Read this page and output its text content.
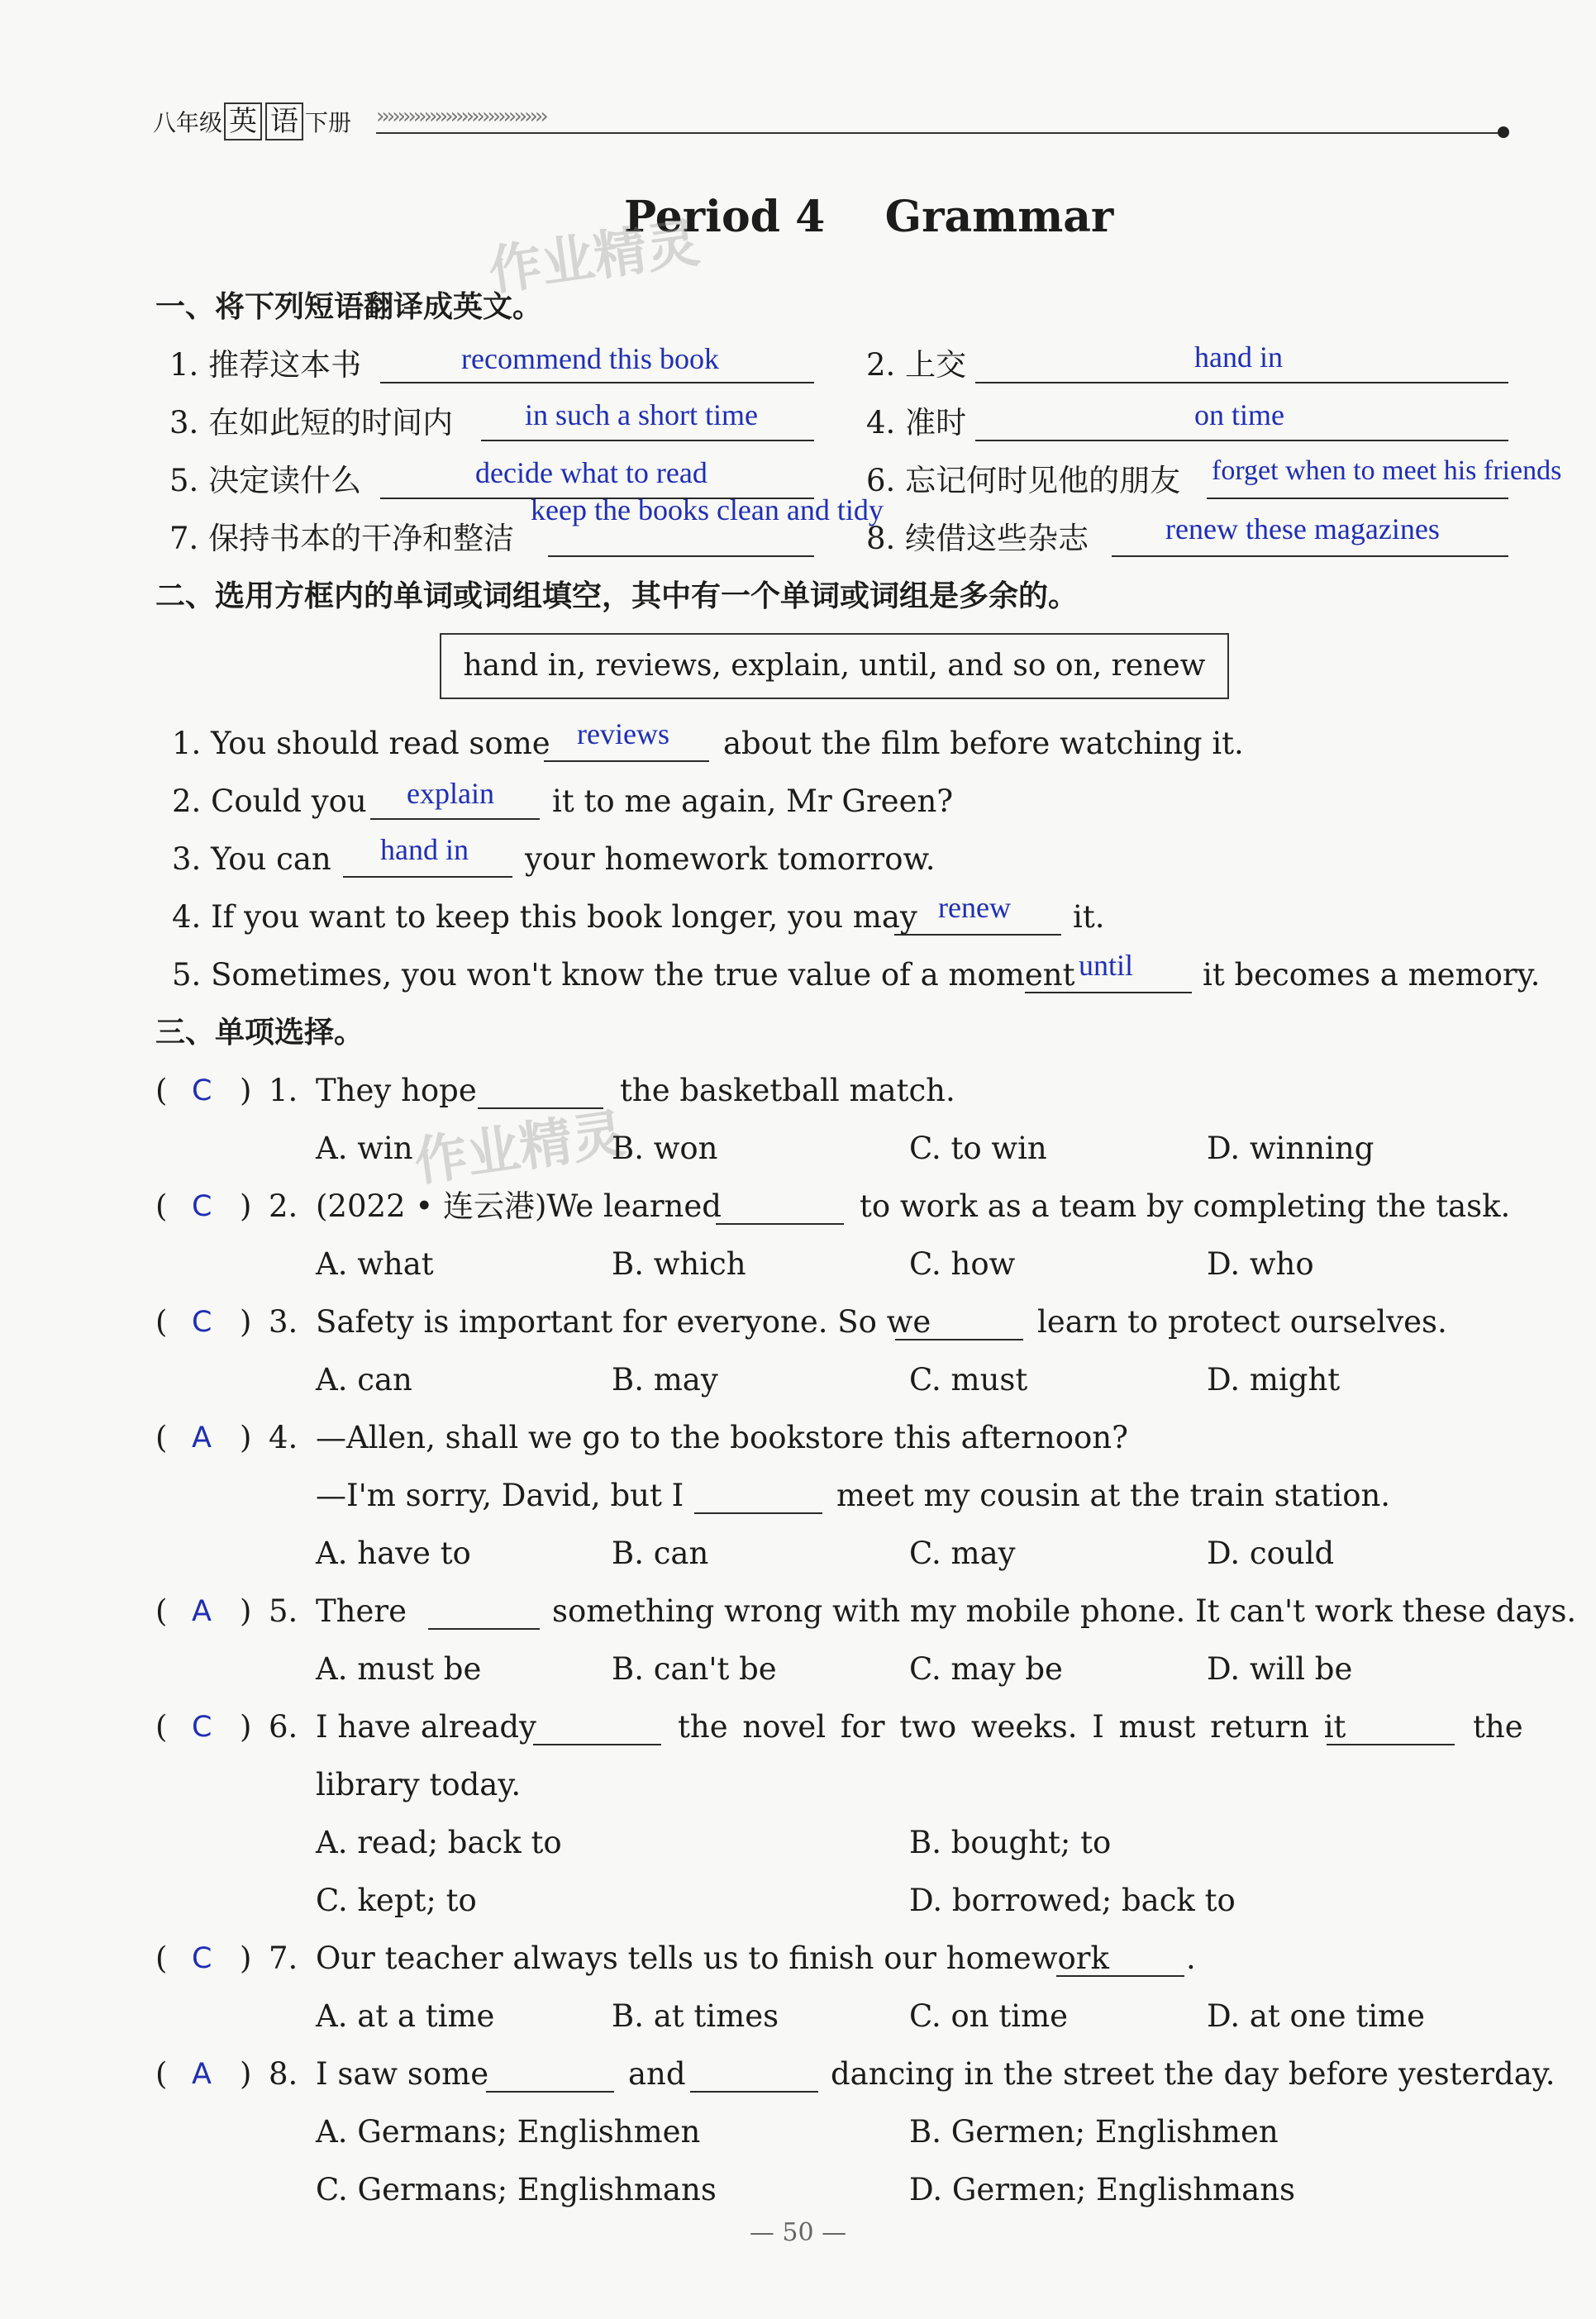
八年级 英 语 下册 ››››››››››››››››››››››››››››››››
Period 4    Grammar
作业精灵
一、将下列短语翻译成英文。
1. 推荐这本书	recommend this book	2. 上交	hand in
3. 在如此短的时间内 in such a short time	4. 准时	on time
5. 决定读什么	decide what to read	6. 忘记何时见他的朋友 forget when to meet his friends
7. 保持书本的干净和整洁
keep the books clean and tidy
8. 续借这些杂志	renew these magazines
二、选用方框内的单词或词组填空，其中有一个单词或词组是多余的。
hand in, reviews, explain, until, and so on, renew
1. You should read some reviews about the film before watching it.
2. Could you explain it to me again, Mr Green?
3. You can hand in your homework tomorrow.
4. If you want to keep this book longer, you may renew it.
5. Sometimes, you won't know the true value of a moment until it becomes a memory.
三、单项选择。
作业精灵
( C ) 1. They hope	the basketball match.
A. win	B. won	C. to win	D. winning
( C ) 2. (2022 • 连云港)We learned	to work as a team by completing the task.
A. what	B. which	C. how	D. who
( C ) 3. Safety is important for everyone. So we	learn to protect ourselves.
A. can	B. may	C. must	D. might
( A ) 4. —Allen, shall we go to the bookstore this afternoon?
—I'm sorry, David, but I	meet my cousin at the train station.
A. have to	B. can	C. may	D. could
( A ) 5. There	something wrong with my mobile phone. It can't work these days.
A. must be	B. can't be	C. may be	D. will be
( C ) 6. I have already	the novel for two weeks. I must return it	the
library today.
A. read; back to	B. bought; to
C. kept; to	D. borrowed; back to
( C ) 7. Our teacher always tells us to finish our homework	.
A. at a time	B. at times	C. on time	D. at one time
( A ) 8. I saw some	and	dancing in the street the day before yesterday.
A. Germans; Englishmen	B. Germen; Englishmen
C. Germans; Englishmans	D. Germen; Englishmans
— 50 —
